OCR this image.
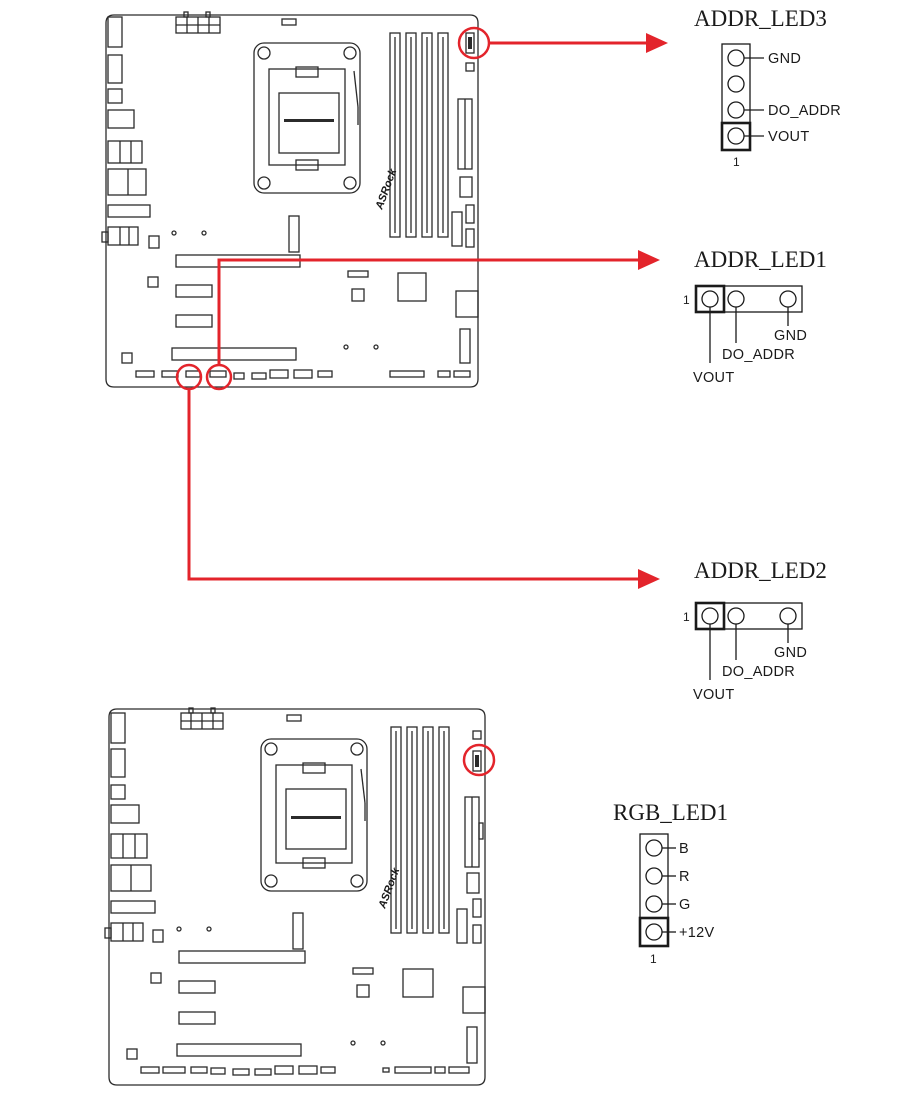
ASRock
ADDR_LED3
GND
DO_ADDR
VOUT
1
ADDR_LED1
1
GND
DO_ADDR
VOUT
ADDR_LED2
1
GND
DO_ADDR
VOUT
ASRock
RGB_LED1
B
R
G
+12V
1
